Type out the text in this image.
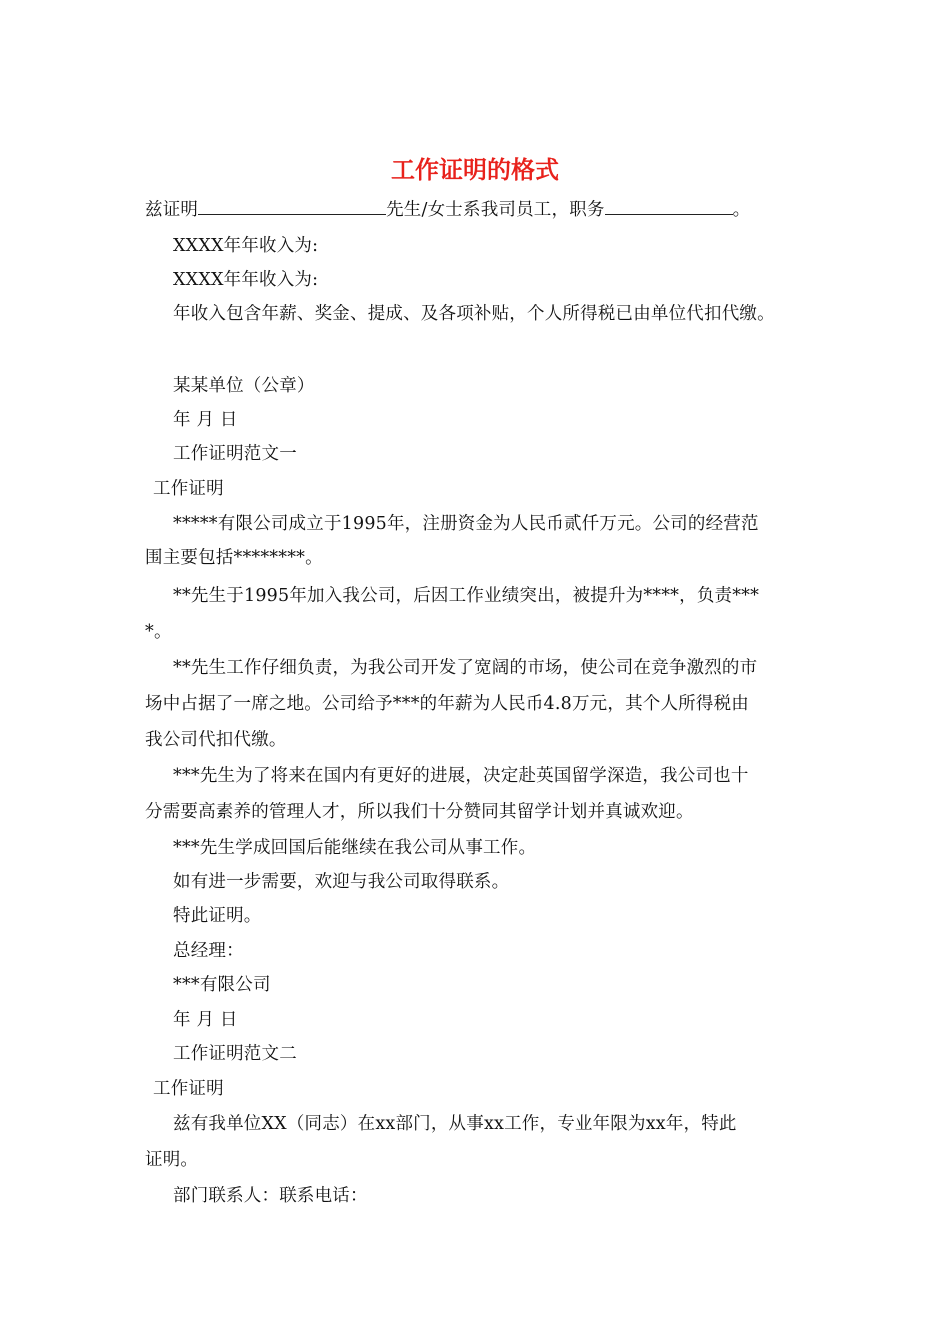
工作证明的格式
兹证明	先生/女士系我司员工，职务	。
XXXX年年收入为:
XXXX年年收入为:
年收入包含年薪、奖金、提成、及各项补贴，个人所得税已由单位代扣代缴。
某某单位（公章）
年 月 日
工作证明范文一
工作证明
*****有限公司成立于1995年，注册资金为人民币贰仟万元。公司的经营范
围主要包括********。
**先生于1995年加入我公司，后因工作业绩突出，被提升为****，负责***
*。
**先生工作仔细负责，为我公司开发了宽阔的市场，使公司在竞争激烈的市
场中占据了一席之地。公司给予***的年薪为人民币4.8万元，其个人所得税由
我公司代扣代缴。
***先生为了将来在国内有更好的进展，决定赴英国留学深造，我公司也十
分需要高素养的管理人才，所以我们十分赞同其留学计划并真诚欢迎。
***先生学成回国后能继续在我公司从事工作。
如有进一步需要，欢迎与我公司取得联系。
特此证明。
总经理：
***有限公司
年 月 日
工作证明范文二
工作证明
兹有我单位XX（同志）在xx部门，从事xx工作，专业年限为xx年，特此
证明。
部门联系人：联系电话：
